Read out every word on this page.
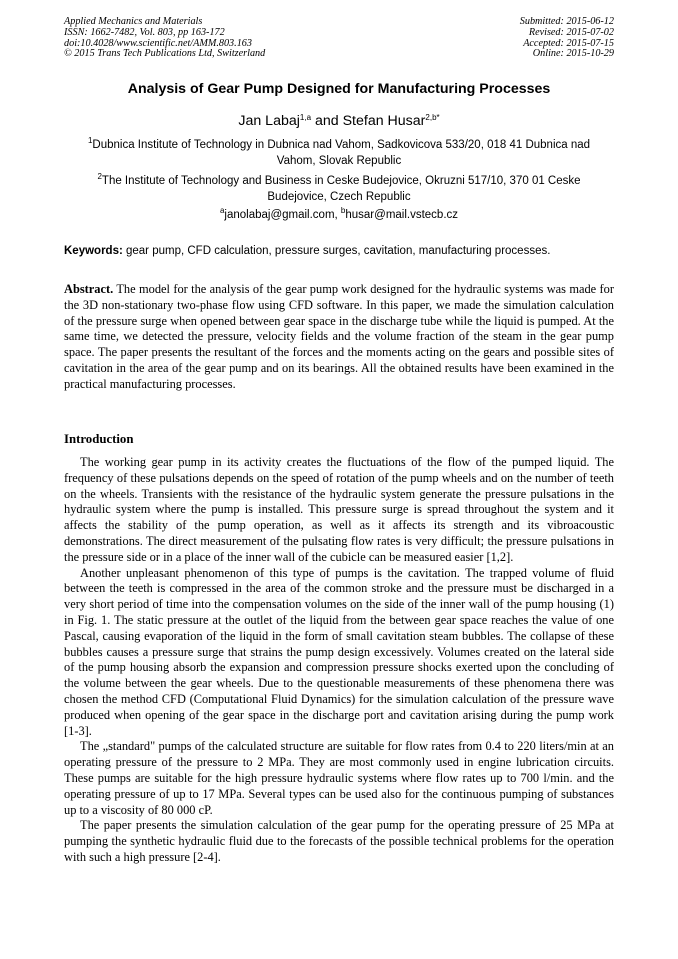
Applied Mechanics and Materials
ISSN: 1662-7482, Vol. 803, pp 163-172
doi:10.4028/www.scientific.net/AMM.803.163
© 2015 Trans Tech Publications Ltd, Switzerland
Submitted: 2015-06-12
Revised: 2015-07-02
Accepted: 2015-07-15
Online: 2015-10-29
Analysis of Gear Pump Designed for Manufacturing Processes
Jan Labaj$^{1,a}$ and Stefan Husar$^{2,b*}$
$^1$Dubnica Institute of Technology in Dubnica nad Vahom, Sadkovicova 533/20, 018 41 Dubnica nad Vahom, Slovak Republic
$^2$The Institute of Technology and Business in Ceske Budejovice, Okruzni 517/10, 370 01 Ceske Budejovice, Czech Republic
$^a$janolabaj@gmail.com, $^b$husar@mail.vstecb.cz
Keywords: gear pump, CFD calculation, pressure surges, cavitation, manufacturing processes.
Abstract. The model for the analysis of the gear pump work designed for the hydraulic systems was made for the 3D non-stationary two-phase flow using CFD software. In this paper, we made the simulation calculation of the pressure surge when opened between gear space in the discharge tube while the liquid is pumped. At the same time, we detected the pressure, velocity fields and the volume fraction of the steam in the gear pump space. The paper presents the resultant of the forces and the moments acting on the gears and possible sites of cavitation in the area of the gear pump and on its bearings. All the obtained results have been examined in the practical manufacturing processes.
Introduction

The working gear pump in its activity creates the fluctuations of the flow of the pumped liquid. The frequency of these pulsations depends on the speed of rotation of the pump wheels and on the number of teeth on the wheels. Transients with the resistance of the hydraulic system generate the pressure pulsations in the hydraulic system where the pump is installed. This pressure surge is spread throughout the system and it affects the stability of the pump operation, as well as it affects its strength and its vibroacoustic demonstrations. The direct measurement of the pulsating flow rates is very difficult; the pressure pulsations in the pressure side or in a place of the inner wall of the cubicle can be measured easier [1,2].

Another unpleasant phenomenon of this type of pumps is the cavitation. The trapped volume of fluid between the teeth is compressed in the area of the common stroke and the pressure must be discharged in a very short period of time into the compensation volumes on the side of the inner wall of the pump housing (1) in Fig. 1. The static pressure at the outlet of the liquid from the between gear space reaches the value of one Pascal, causing evaporation of the liquid in the form of small cavitation steam bubbles. The collapse of these bubbles causes a pressure surge that strains the pump design excessively. Volumes created on the lateral side of the pump housing absorb the expansion and compression pressure shocks exerted upon the concluding of the volume between the gear wheels. Due to the questionable measurements of these phenomena there was chosen the method CFD (Computational Fluid Dynamics) for the simulation calculation of the pressure wave produced when opening of the gear space in the discharge port and cavitation arising during the pump work [1-3].

The „standard" pumps of the calculated structure are suitable for flow rates from 0.4 to 220 liters/min at an operating pressure of the pressure to 2 MPa. They are most commonly used in engine lubrication circuits. These pumps are suitable for the high pressure hydraulic systems where flow rates up to 700 l/min. and the operating pressure of up to 17 MPa. Several types can be used also for the continuous pumping of substances up to a viscosity of 80 000 cP.

The paper presents the simulation calculation of the gear pump for the operating pressure of 25 MPa at pumping the synthetic hydraulic fluid due to the forecasts of the possible technical problems for the operation with such a high pressure [2-4].
